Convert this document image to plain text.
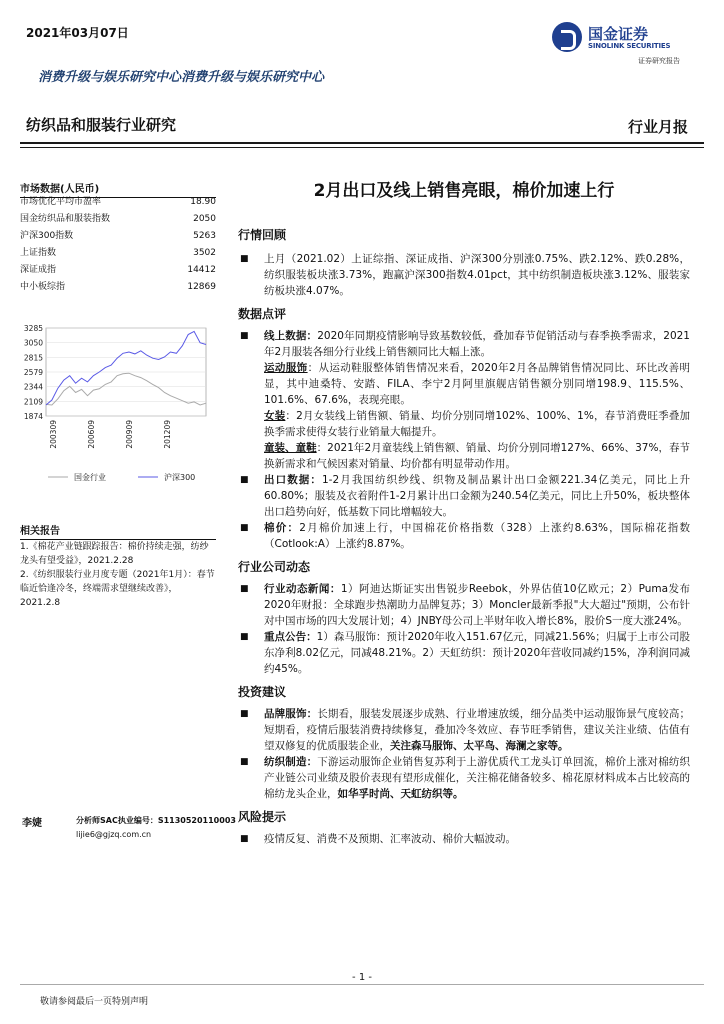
2021年03月07日	国金证券
SINOLINK SECURITIES
证券研究报告
消费升级与娱乐研究中心消费升级与娱乐研究中心
纺织品和服装行业研究	行业月报
市场数据(人民币)
市场优化平均市盈率	18.90
国金纺织品和服装指数	2050
沪深300指数	5263
上证指数	3502
深证成指	14412
中小板综指	12869
3285
3050
2815
2579
2344
2109
1874
200309	200609	200909	201209
国金行业	沪深300
相关报告
1.《棉花产业链跟踪报告：棉价持续走强，纺纱龙头有望受益》，2021.2.28
2.《纺织服装行业月度专题（2021年1月）：春节临近恰逢冷冬，终端需求望继续改善》，2021.2.8
李婕	分析师SAC执业编号：S1130520110003
lijie6@gjzq.com.cn
2月出口及线上销售亮眼，棉价加速上行
行情回顾
■ 上月（2021.02）上证综指、深证成指、沪深300分别涨0.75%、跌2.12%、跌0.28%，纺织服装板块涨3.73%，跑赢沪深300指数4.01pct，其中纺织制造板块涨3.12%、服装家纺板块涨4.07%。
数据点评
■ 线上数据：2020年同期疫情影响导致基数较低，叠加春节促销活动与春季换季需求，2021年2月服装各细分行业线上销售额同比大幅上涨。
运动服饰：从运动鞋服整体销售情况来看，2020年2月各品牌销售情况同比、环比改善明显，其中迪桑特、安踏、FILA、李宁2月阿里旗舰店销售额分别同增198.9、115.5%、101.6%、67.6%，表现亮眼。
女装：2月女装线上销售额、销量、均价分别同增102%、100%、1%，春节消费旺季叠加换季需求使得女装行业销量大幅提升。
童装、童鞋：2021年2月童装线上销售额、销量、均价分别同增127%、66%、37%，春节换新需求和气候因素对销量、均价都有明显带动作用。
■ 出口数据：1-2月我国纺织纱线、织物及制品累计出口金额221.34亿美元，同比上升60.80%；服装及衣着附件1-2月累计出口金额为240.54亿美元，同比上升50%，板块整体出口趋势向好，低基数下同比增幅较大。
■ 棉价：2月棉价加速上行，中国棉花价格指数（328）上涨约8.63%，国际棉花指数（Cotlook:A）上涨约8.87%。
行业公司动态
■ 行业动态新闻：1）阿迪达斯证实出售锐步Reebok，外界估值10亿欧元；2）Puma发布2020年财报：全球跑步热潮助力品牌复苏；3）Moncler最新季报"大大超过"预期，公布针对中国市场的四大发展计划；4）JNBY母公司上半财年收入增长8%，股价S一度大涨24%。
■ 重点公告：1）森马服饰：预计2020年收入151.67亿元，同减21.56%；归属于上市公司股东净利8.02亿元，同减48.21%。2）天虹纺织：预计2020年营收同减约15%，净利润同减约45%。
投资建议
■ 品牌服饰：长期看，服装发展逐步成熟、行业增速放缓，细分品类中运动服饰景气度较高；短期看，疫情后服装消费持续修复，叠加冷冬效应、春节旺季销售，建议关注业绩、估值有望双修复的优质服装企业，关注森马服饰、太平鸟、海澜之家等。
■ 纺织制造：下游运动服饰企业销售复苏利于上游优质代工龙头订单回流，棉价上涨对棉纺织产业链公司业绩及股价表现有望形成催化，关注棉花储备较多、棉花原材料成本占比较高的棉纺龙头企业，如华孚时尚、天虹纺织等。
风险提示
■ 疫情反复、消费不及预期、汇率波动、棉价大幅波动。
- 1 -
敬请参阅最后一页特别声明
